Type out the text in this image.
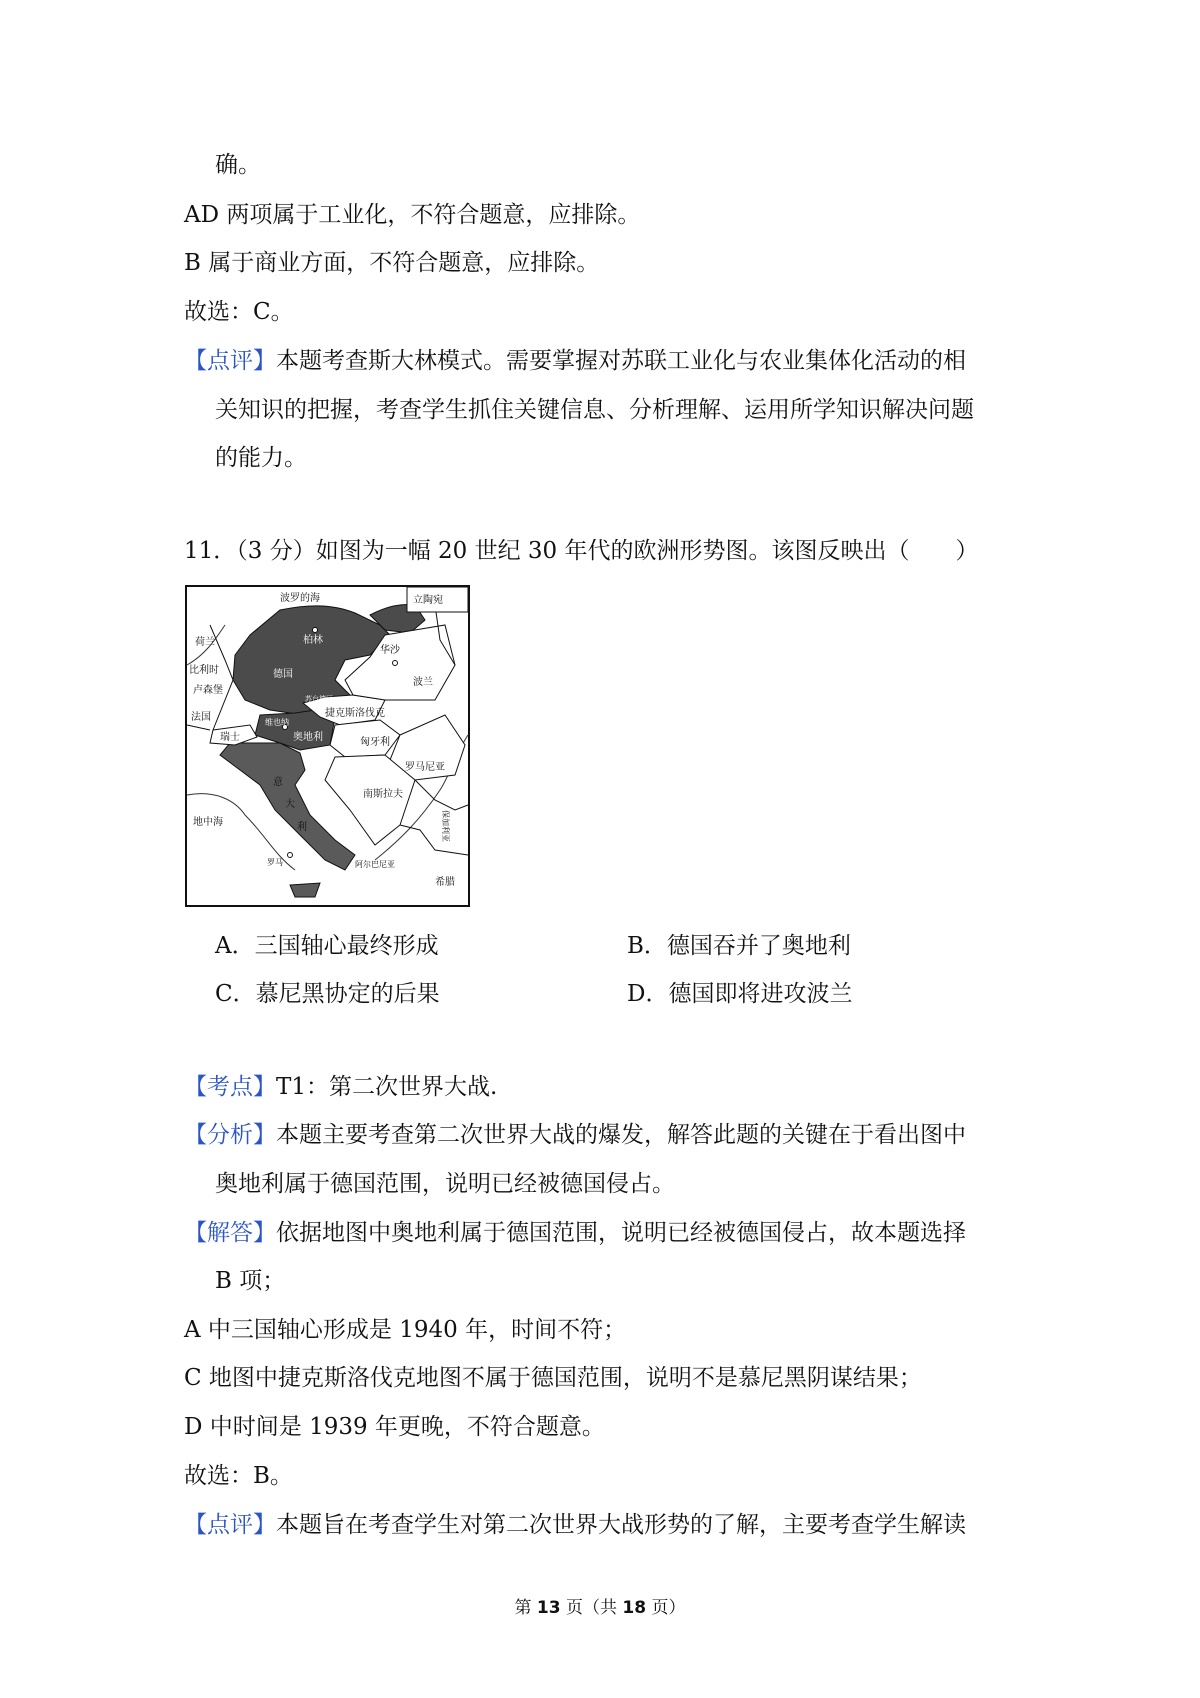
确。
AD 两项属于工业化，不符合题意，应排除。
B 属于商业方面，不符合题意，应排除。
故选：C。
【点评】本题考查斯大林模式。需要掌握对苏联工业化与农业集体化活动的相
关知识的把握，考查学生抓住关键信息、分析理解、运用所学知识解决问题
的能力。
11．（3 分）如图为一幅 20 世纪 30 年代的欧洲形势图。该图反映出（　　）
波罗的海	立陶宛
柏林
华沙
德国
波兰
荷兰
比利时
卢森堡
捷克斯洛伐克
苏台德区
维也纳
奥地利
法国
瑞士	匈牙利
罗马尼亚
意
大
利
南斯拉夫
地中海
罗马
保加利亚
阿尔巴尼亚
希腊
A．三国轴心最终形成	B．德国吞并了奥地利
C．慕尼黑协定的后果	D．德国即将进攻波兰
【考点】T1：第二次世界大战.
【分析】本题主要考查第二次世界大战的爆发，解答此题的关键在于看出图中
奥地利属于德国范围，说明已经被德国侵占。
【解答】依据地图中奥地利属于德国范围，说明已经被德国侵占，故本题选择
B 项；
A 中三国轴心形成是 1940 年，时间不符；
C 地图中捷克斯洛伐克地图不属于德国范围，说明不是慕尼黑阴谋结果；
D 中时间是 1939 年更晚，不符合题意。
故选：B。
【点评】本题旨在考查学生对第二次世界大战形势的了解，主要考查学生解读
第 13 页（共 18 页）
